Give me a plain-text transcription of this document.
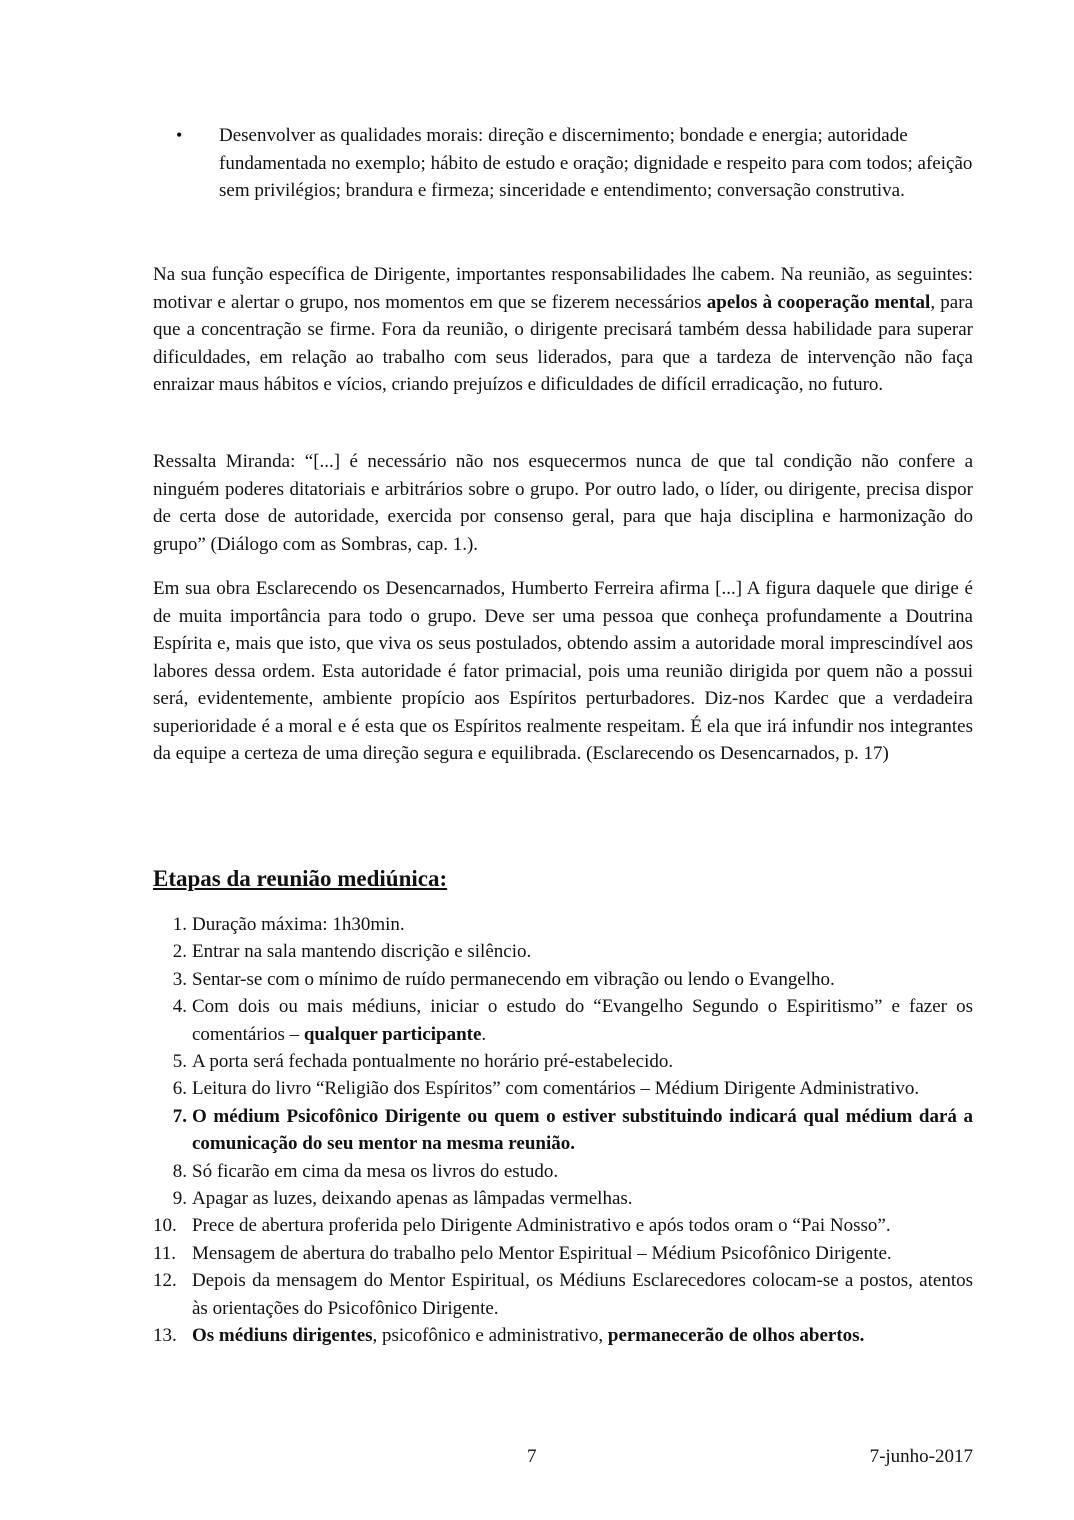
• Desenvolver as qualidades morais: direção e discernimento; bondade e energia; autoridade fundamentada no exemplo; hábito de estudo e oração; dignidade e respeito para com todos; afeição sem privilégios; brandura e firmeza; sinceridade e entendimento; conversação construtiva.

Na sua função específica de Dirigente, importantes responsabilidades lhe cabem. Na reunião, as seguintes: motivar e alertar o grupo, nos momentos em que se fizerem necessários apelos à cooperação mental, para que a concentração se firme. Fora da reunião, o dirigente precisará também dessa habilidade para superar dificuldades, em relação ao trabalho com seus liderados, para que a tardeza de intervenção não faça enraizar maus hábitos e vícios, criando prejuízos e dificuldades de difícil erradicação, no futuro.

Ressalta Miranda: “[...] é necessário não nos esquecermos nunca de que tal condição não confere a ninguém poderes ditatoriais e arbitrários sobre o grupo. Por outro lado, o líder, ou dirigente, precisa dispor de certa dose de autoridade, exercida por consenso geral, para que haja disciplina e harmonização do grupo” (Diálogo com as Sombras, cap. 1.).

Em sua obra Esclarecendo os Desencarnados, Humberto Ferreira afirma [...] A figura daquele que dirige é de muita importância para todo o grupo. Deve ser uma pessoa que conheça profundamente a Doutrina Espírita e, mais que isto, que viva os seus postulados, obtendo assim a autoridade moral imprescindível aos labores dessa ordem. Esta autoridade é fator primacial, pois uma reunião dirigida por quem não a possui será, evidentemente, ambiente propício aos Espíritos perturbadores. Diz-nos Kardec que a verdadeira superioridade é a moral e é esta que os Espíritos realmente respeitam. É ela que irá infundir nos integrantes da equipe a certeza de uma direção segura e equilibrada. (Esclarecendo os Desencarnados, p. 17)

Etapas da reunião mediúnica:
1. Duração máxima: 1h30min.
2. Entrar na sala mantendo discrição e silêncio.
3. Sentar-se com o mínimo de ruído permanecendo em vibração ou lendo o Evangelho.
4. Com dois ou mais médiuns, iniciar o estudo do “Evangelho Segundo o Espiritismo” e fazer os comentários – qualquer participante.
5. A porta será fechada pontualmente no horário pré-estabelecido.
6. Leitura do livro “Religião dos Espíritos” com comentários – Médium Dirigente Administrativo.
7. O médium Psicofônico Dirigente ou quem o estiver substituindo indicará qual médium dará a comunicação do seu mentor na mesma reunião.
8. Só ficarão em cima da mesa os livros do estudo.
9. Apagar as luzes, deixando apenas as lâmpadas vermelhas.
10. Prece de abertura proferida pelo Dirigente Administrativo e após todos oram o “Pai Nosso”.
11. Mensagem de abertura do trabalho pelo Mentor Espiritual – Médium Psicofônico Dirigente.
12. Depois da mensagem do Mentor Espiritual, os Médiuns Esclarecedores colocam-se a postos, atentos às orientações do Psicofônico Dirigente.
13. Os médiuns dirigentes, psicofônico e administrativo, permanecerão de olhos abertos.
7	7-junho-2017
